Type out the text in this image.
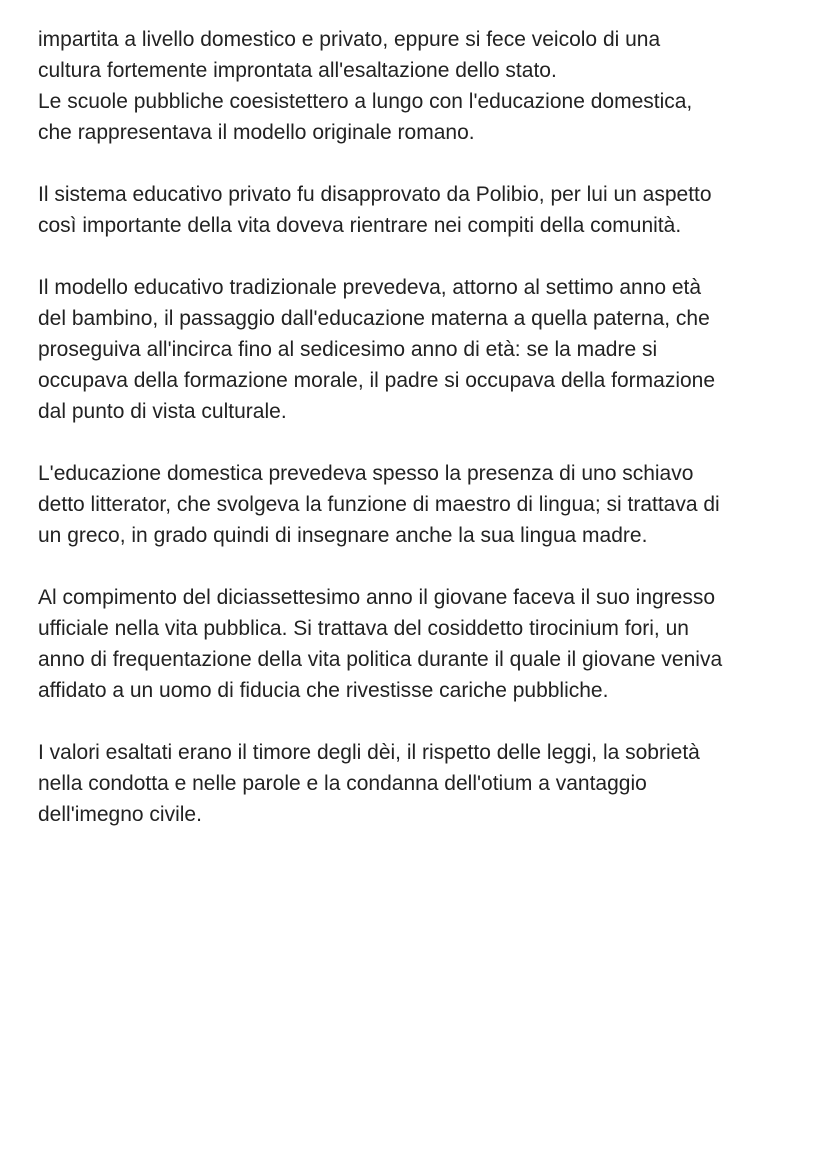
impartita a livello domestico e privato, eppure si fece veicolo di una
cultura fortemente improntata all'esaltazione dello stato.
Le scuole pubbliche coesistettero a lungo con l'educazione domestica,
che rappresentava il modello originale romano.

Il sistema educativo privato fu disapprovato da Polibio, per lui un aspetto
così importante della vita doveva rientrare nei compiti della comunità.

Il modello educativo tradizionale prevedeva, attorno al settimo anno età
del bambino, il passaggio dall'educazione materna a quella paterna, che
proseguiva all'incirca fino al sedicesimo anno di età: se la madre si
occupava della formazione morale, il padre si occupava della formazione
dal punto di vista culturale.

L'educazione domestica prevedeva spesso la presenza di uno schiavo
detto litterator, che svolgeva la funzione di maestro di lingua; si trattava di
un greco, in grado quindi di insegnare anche la sua lingua madre.

Al compimento del diciassettesimo anno il giovane faceva il suo ingresso
ufficiale nella vita pubblica. Si trattava del cosiddetto tirocinium fori, un
anno di frequentazione della vita politica durante il quale il giovane veniva
affidato a un uomo di fiducia che rivestisse cariche pubbliche.

I valori esaltati erano il timore degli dèi, il rispetto delle leggi, la sobrietà
nella condotta e nelle parole e la condanna dell'otium a vantaggio
dell'imegno civile.
